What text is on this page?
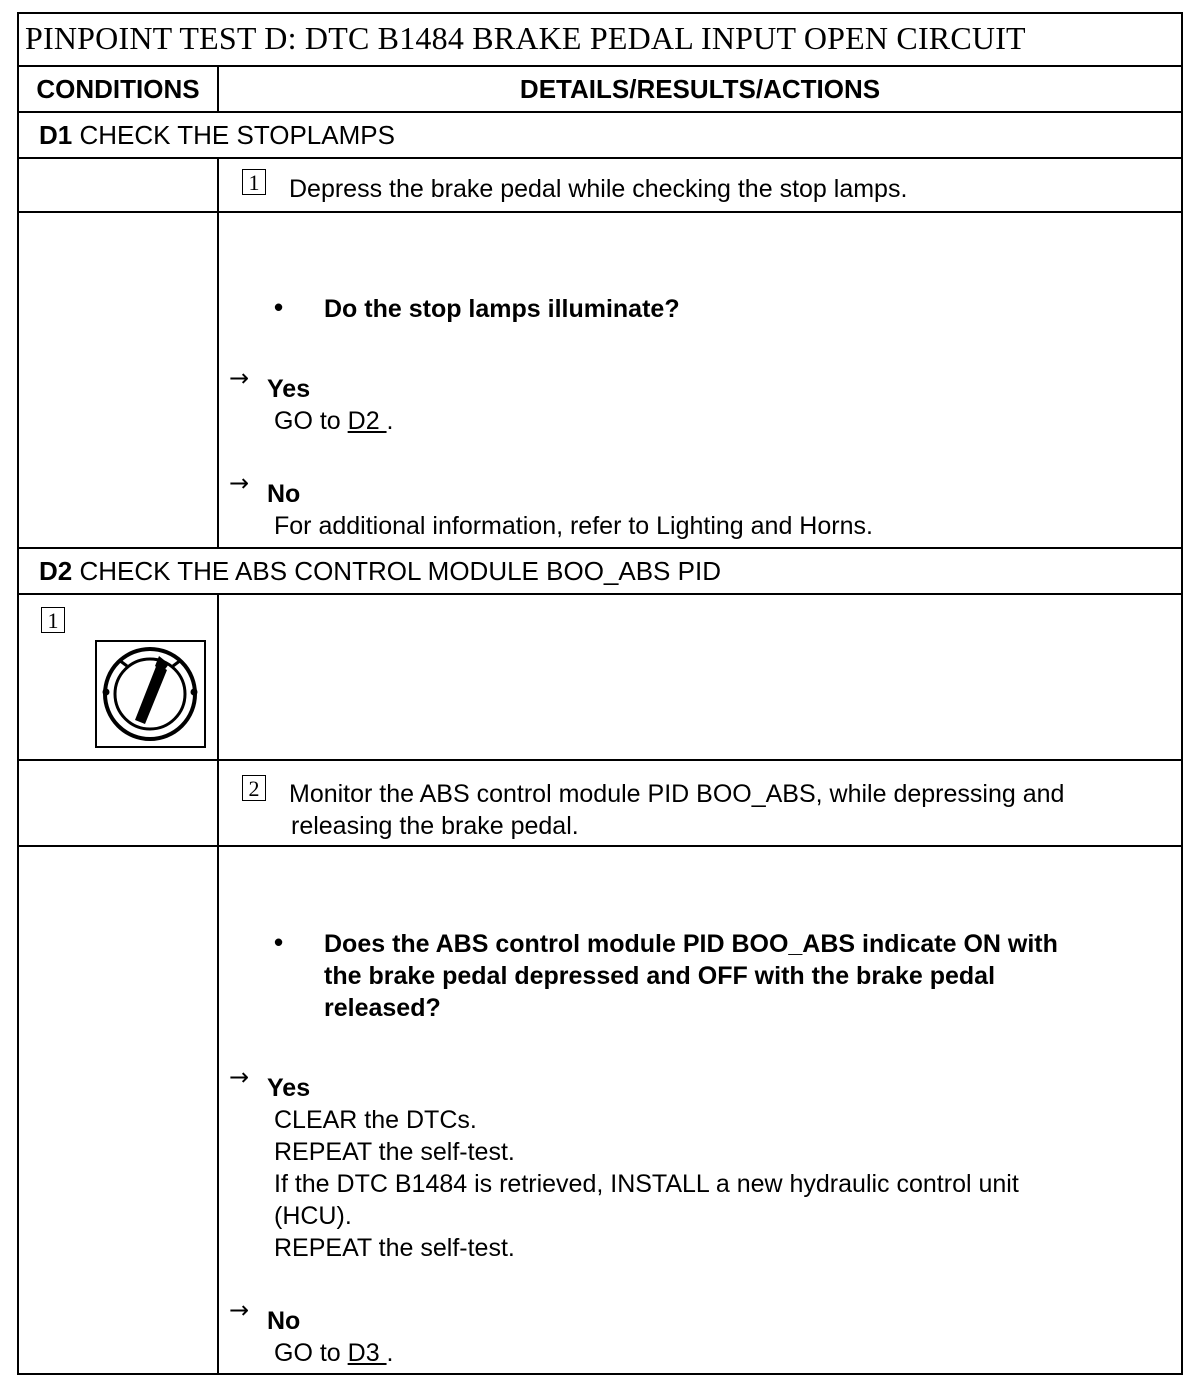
PINPOINT TEST D: DTC B1484 BRAKE PEDAL INPUT OPEN CIRCUIT
CONDITIONS	DETAILS/RESULTS/ACTIONS
D1 CHECK THE STOPLAMPS
1 Depress the brake pedal while checking the stop lamps.
• Do the stop lamps illuminate?
→ Yes
GO to D2 .
→ No
For additional information, refer to Lighting and Horns.
D2 CHECK THE ABS CONTROL MODULE BOO_ABS PID
1
2 Monitor the ABS control module PID BOO_ABS, while depressing and
releasing the brake pedal.
• Does the ABS control module PID BOO_ABS indicate ON with
the brake pedal depressed and OFF with the brake pedal
released?
→ Yes
CLEAR the DTCs.
REPEAT the self-test.
If the DTC B1484 is retrieved, INSTALL a new hydraulic control unit
(HCU).
REPEAT the self-test.
→ No
GO to D3 .
